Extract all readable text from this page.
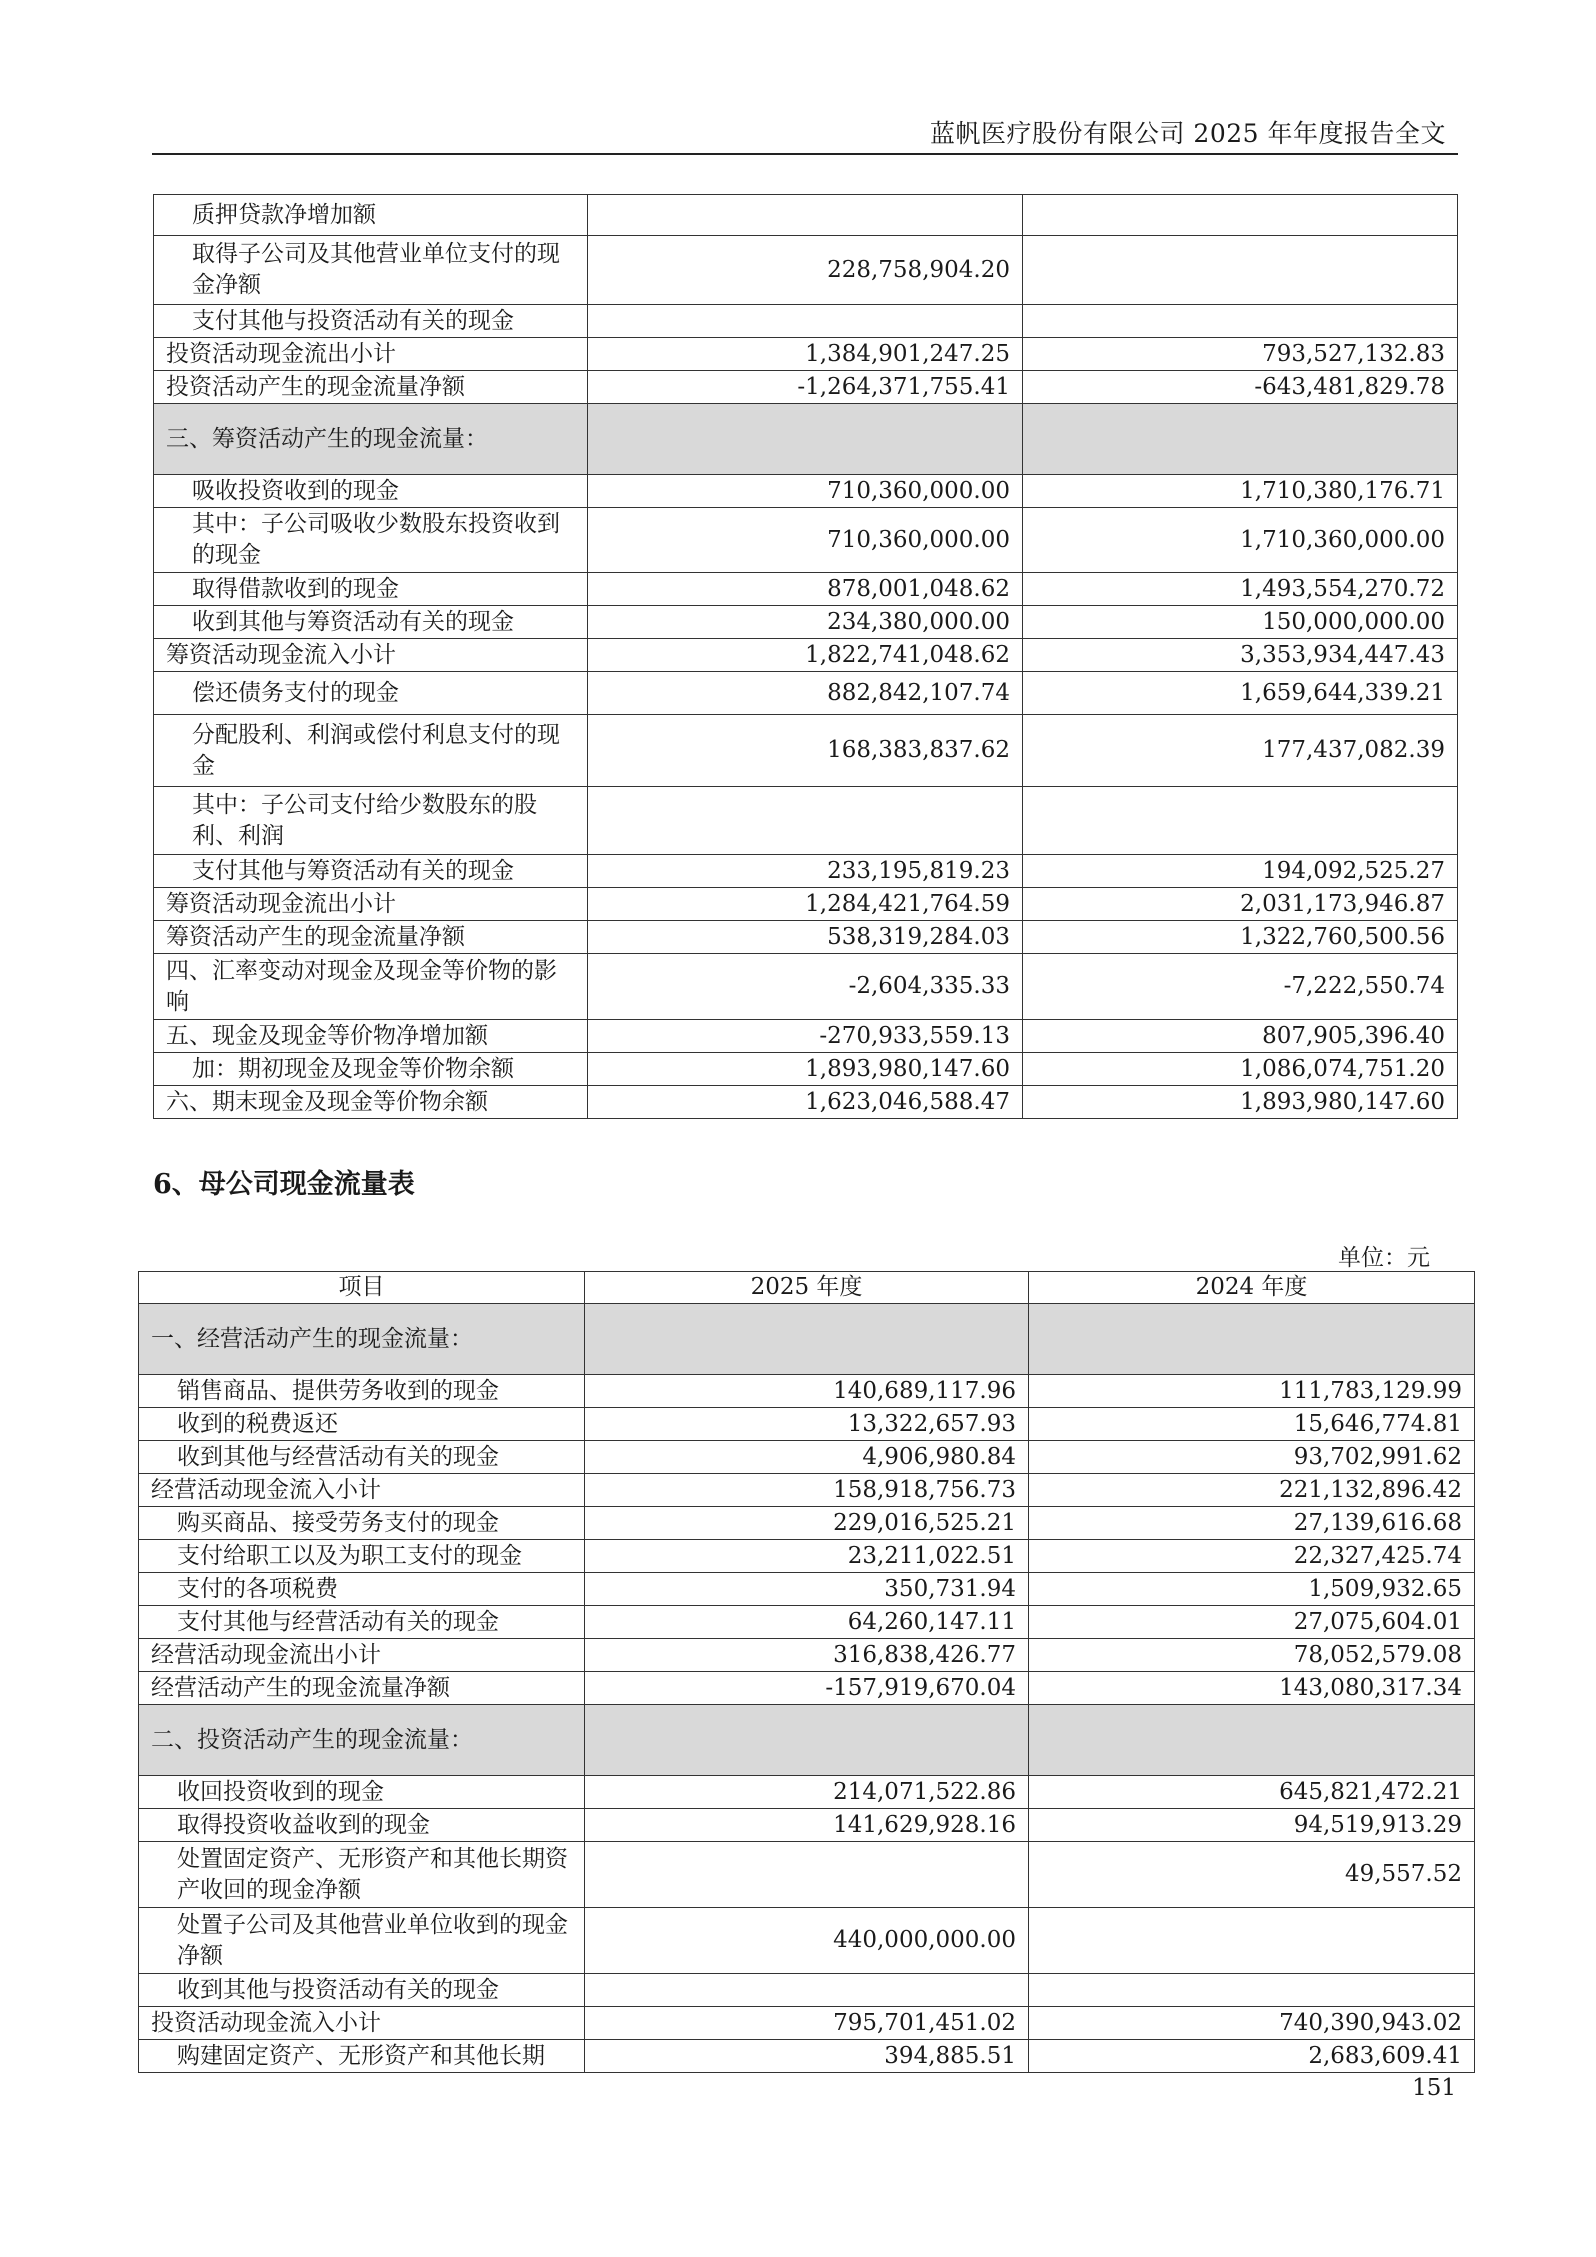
蓝帆医疗股份有限公司 2025 年年度报告全文
质押贷款净增加额		
取得子公司及其他营业单位支付的现金净额	228,758,904.20	
支付其他与投资活动有关的现金		
投资活动现金流出小计	1,384,901,247.25	793,527,132.83
投资活动产生的现金流量净额	-1,264,371,755.41	-643,481,829.78
三、筹资活动产生的现金流量：		
吸收投资收到的现金	710,360,000.00	1,710,380,176.71
其中：子公司吸收少数股东投资收到的现金	710,360,000.00	1,710,360,000.00
取得借款收到的现金	878,001,048.62	1,493,554,270.72
收到其他与筹资活动有关的现金	234,380,000.00	150,000,000.00
筹资活动现金流入小计	1,822,741,048.62	3,353,934,447.43
偿还债务支付的现金	882,842,107.74	1,659,644,339.21
分配股利、利润或偿付利息支付的现金	168,383,837.62	177,437,082.39
其中：子公司支付给少数股东的股利、利润		
支付其他与筹资活动有关的现金	233,195,819.23	194,092,525.27
筹资活动现金流出小计	1,284,421,764.59	2,031,173,946.87
筹资活动产生的现金流量净额	538,319,284.03	1,322,760,500.56
四、汇率变动对现金及现金等价物的影响	-2,604,335.33	-7,222,550.74
五、现金及现金等价物净增加额	-270,933,559.13	807,905,396.40
加：期初现金及现金等价物余额	1,893,980,147.60	1,086,074,751.20
六、期末现金及现金等价物余额	1,623,046,588.47	1,893,980,147.60
6、母公司现金流量表
单位：元
项目	2025 年度	2024 年度
一、经营活动产生的现金流量：		
销售商品、提供劳务收到的现金	140,689,117.96	111,783,129.99
收到的税费返还	13,322,657.93	15,646,774.81
收到其他与经营活动有关的现金	4,906,980.84	93,702,991.62
经营活动现金流入小计	158,918,756.73	221,132,896.42
购买商品、接受劳务支付的现金	229,016,525.21	27,139,616.68
支付给职工以及为职工支付的现金	23,211,022.51	22,327,425.74
支付的各项税费	350,731.94	1,509,932.65
支付其他与经营活动有关的现金	64,260,147.11	27,075,604.01
经营活动现金流出小计	316,838,426.77	78,052,579.08
经营活动产生的现金流量净额	-157,919,670.04	143,080,317.34
二、投资活动产生的现金流量：		
收回投资收到的现金	214,071,522.86	645,821,472.21
取得投资收益收到的现金	141,629,928.16	94,519,913.29
处置固定资产、无形资产和其他长期资产收回的现金净额		49,557.52
处置子公司及其他营业单位收到的现金净额	440,000,000.00	
收到其他与投资活动有关的现金		
投资活动现金流入小计	795,701,451.02	740,390,943.02
购建固定资产、无形资产和其他长期	394,885.51	2,683,609.41
151
